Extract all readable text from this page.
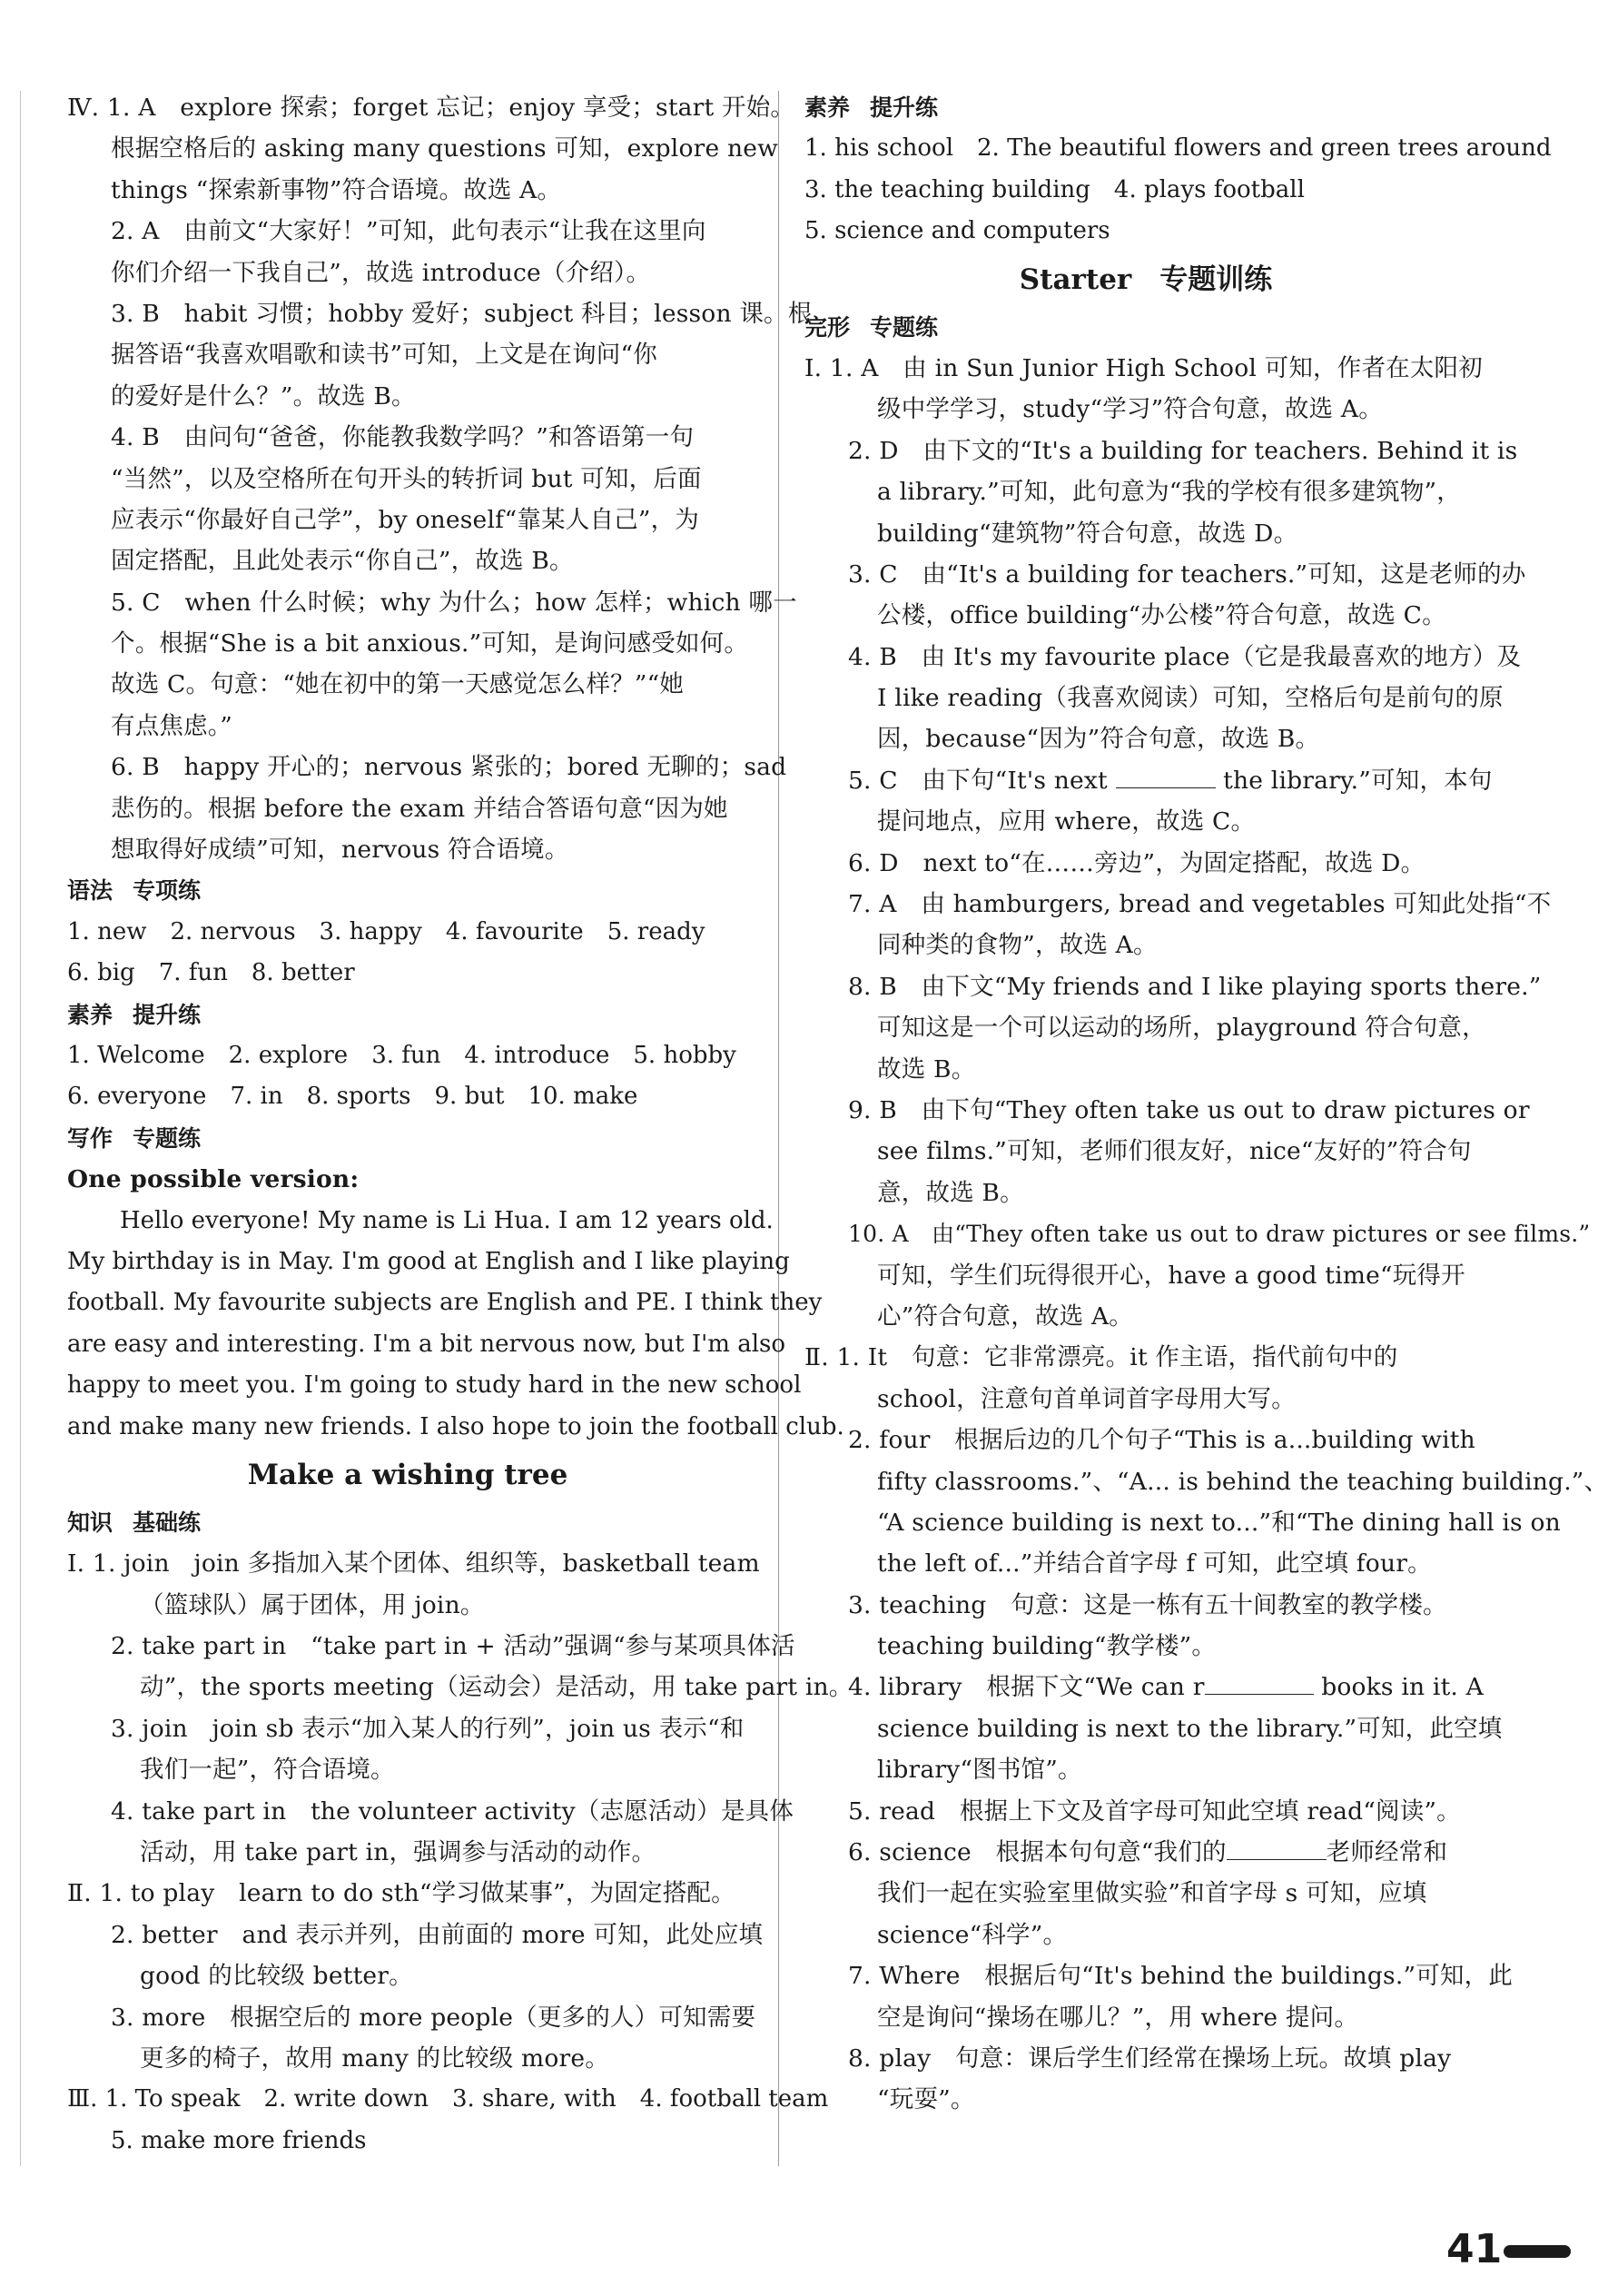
Ⅳ. 1. A　explore 探索；forget 忘记；enjoy 享受；start 开始。
根据空格后的 asking many questions 可知，explore new
things “探索新事物”符合语境。故选 A。
2. A　由前文“大家好！”可知，此句表示“让我在这里向
你们介绍一下我自己”，故选 introduce（介绍）。
3. B　habit 习惯；hobby 爱好；subject 科目；lesson 课。根
据答语“我喜欢唱歌和读书”可知，上文是在询问“你
的爱好是什么？”。故选 B。
4. B　由问句“爸爸，你能教我数学吗？”和答语第一句
“当然”，以及空格所在句开头的转折词 but 可知，后面
应表示“你最好自己学”，by oneself“靠某人自己”，为
固定搭配，且此处表示“你自己”，故选 B。
5. C　when 什么时候；why 为什么；how 怎样；which 哪一
个。根据“She is a bit anxious.”可知，是询问感受如何。
故选 C。句意：“她在初中的第一天感觉怎么样？”“她
有点焦虑。”
6. B　happy 开心的；nervous 紧张的；bored 无聊的；sad
悲伤的。根据 before the exam 并结合答语句意“因为她
想取得好成绩”可知，nervous 符合语境。
语法 专项练
1. new 2. nervous 3. happy 4. favourite 5. ready
6. big 7. fun 8. better
素养 提升练
1. Welcome 2. explore 3. fun 4. introduce 5. hobby
6. everyone 7. in 8. sports 9. but 10. make
写作 专题练
One possible version:
Hello everyone! My name is Li Hua. I am 12 years old.
My birthday is in May. I'm good at English and I like playing
football. My favourite subjects are English and PE. I think they
are easy and interesting. I'm a bit nervous now, but I'm also
happy to meet you. I'm going to study hard in the new school
and make many new friends. I also hope to join the football club.
Make a wishing tree
知识 基础练
Ⅰ. 1. join　join 多指加入某个团体、组织等，basketball team
（篮球队）属于团体，用 join。
2. take part in　“take part in + 活动”强调“参与某项具体活
动”，the sports meeting（运动会）是活动，用 take part in。
3. join　join sb 表示“加入某人的行列”，join us 表示“和
我们一起”，符合语境。
4. take part in　the volunteer activity（志愿活动）是具体
活动，用 take part in，强调参与活动的动作。
Ⅱ. 1. to play　learn to do sth“学习做某事”，为固定搭配。
2. better　and 表示并列，由前面的 more 可知，此处应填
good 的比较级 better。
3. more　根据空后的 more people（更多的人）可知需要
更多的椅子，故用 many 的比较级 more。
Ⅲ. 1. To speak 2. write down 3. share, with 4. football team
5. make more friends
素养 提升练
1. his school 2. The beautiful flowers and green trees around
3. the teaching building 4. plays football
5. science and computers
Starter　专题训练
完形 专题练
Ⅰ. 1. A　由 in Sun Junior High School 可知，作者在太阳初
级中学学习，study“学习”符合句意，故选 A。
2. D　由下文的“It's a building for teachers. Behind it is
a library.”可知，此句意为“我的学校有很多建筑物”，
building“建筑物”符合句意，故选 D。
3. C　由“It's a building for teachers.”可知，这是老师的办
公楼，office building“办公楼”符合句意，故选 C。
4. B　由 It's my favourite place（它是我最喜欢的地方）及
I like reading（我喜欢阅读）可知，空格后句是前句的原
因，because“因为”符合句意，故选 B。
5. C　由下句“It's next	the library.”可知，本句
提问地点，应用 where，故选 C。
6. D　next to“在……旁边”，为固定搭配，故选 D。
7. A　由 hamburgers, bread and vegetables 可知此处指“不
同种类的食物”，故选 A。
8. B　由下文“My friends and I like playing sports there.”
可知这是一个可以运动的场所，playground 符合句意，
故选 B。
9. B　由下句“They often take us out to draw pictures or
see films.”可知，老师们很友好，nice“友好的”符合句
意，故选 B。
10. A　由“They often take us out to draw pictures or see films.”
可知，学生们玩得很开心，have a good time“玩得开
心”符合句意，故选 A。
Ⅱ. 1. It　句意：它非常漂亮。it 作主语，指代前句中的
school，注意句首单词首字母用大写。
2. four　根据后边的几个句子“This is a...building with
fifty classrooms.”、“A... is behind the teaching building.”、
“A science building is next to...”和“The dining hall is on
the left of...”并结合首字母 f 可知，此空填 four。
3. teaching　句意：这是一栋有五十间教室的教学楼。
teaching building“教学楼”。
4. library　根据下文“We can r	books in it. A
science building is next to the library.”可知，此空填
library“图书馆”。
5. read　根据上下文及首字母可知此空填 read“阅读”。
6. science　根据本句句意“我们的	老师经常和
我们一起在实验室里做实验”和首字母 s 可知，应填
science“科学”。
7. Where　根据后句“It's behind the buildings.”可知，此
空是询问“操场在哪儿？”，用 where 提问。
8. play　句意：课后学生们经常在操场上玩。故填 play
“玩耍”。
41
